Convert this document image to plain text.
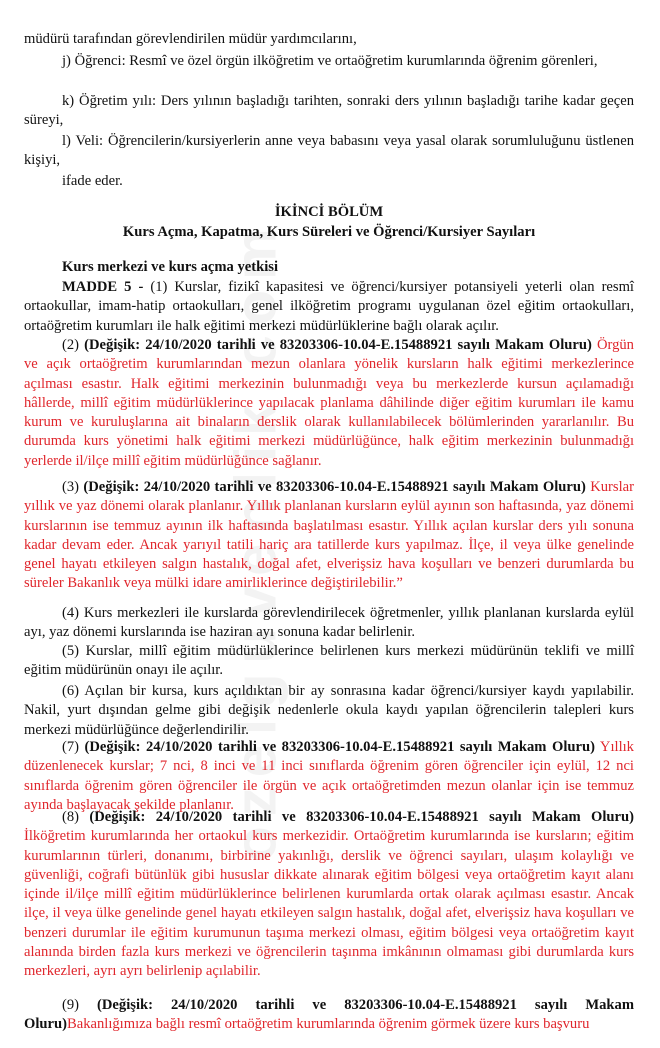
ozelguvenlik.com

müdürü tarafından görevlendirilen müdür yardımcılarını,

j) Öğrenci: Resmî ve özel örgün ilköğretim ve ortaöğretim kurumlarında öğrenim görenleri,

k) Öğretim yılı: Ders yılının başladığı tarihten, sonraki ders yılının başladığı tarihe kadar geçen süreyi,

l) Veli: Öğrencilerin/kursiyerlerin anne veya babasını veya yasal olarak sorumluluğunu üstlenen kişiyi,

ifade eder.

İKİNCİ BÖLÜM

Kurs Açma, Kapatma, Kurs Süreleri ve Öğrenci/Kursiyer Sayıları

Kurs merkezi ve kurs açma yetkisi

MADDE 5 - (1) Kurslar, fizikî kapasitesi ve öğrenci/kursiyer potansiyeli yeterli olan resmî ortaokullar, imam-hatip ortaokulları, genel ilköğretim programı uygulanan özel eğitim ortaokulları, ortaöğretim kurumları ile halk eğitimi merkezi müdürlüklerine bağlı olarak açılır.

(2) (Değişik: 24/10/2020 tarihli ve 83203306-10.04-E.15488921 sayılı Makam Oluru) Örgün ve açık ortaöğretim kurumlarından mezun olanlara yönelik kursların halk eğitimi merkezlerince açılması esastır. Halk eğitimi merkezinin bulunmadığı veya bu merkezlerde kursun açılamadığı hâllerde, millî eğitim müdürlüklerince yapılacak planlama dâhilinde diğer eğitim kurumları ile kamu kurum ve kuruluşlarına ait binaların derslik olarak kullanılabilecek bölümlerinden yararlanılır. Bu durumda kurs yönetimi halk eğitimi merkezi müdürlüğünce, halk eğitim merkezinin bulunmadığı yerlerde il/ilçe millî eğitim müdürlüğünce sağlanır.

(3) (Değişik: 24/10/2020 tarihli ve 83203306-10.04-E.15488921 sayılı Makam Oluru) Kurslar yıllık ve yaz dönemi olarak planlanır. Yıllık planlanan kursların eylül ayının son haftasında, yaz dönemi kurslarının ise temmuz ayının ilk haftasında başlatılması esastır. Yıllık açılan kurslar ders yılı sonuna kadar devam eder. Ancak yarıyıl tatili hariç ara tatillerde kurs yapılmaz. İlçe, il veya ülke genelinde genel hayatı etkileyen salgın hastalık, doğal afet, elverişsiz hava koşulları ve benzeri durumlarda bu süreler Bakanlık veya mülki idare amirliklerince değiştirilebilir.”

(4) Kurs merkezleri ile kurslarda görevlendirilecek öğretmenler, yıllık planlanan kurslarda eylül ayı, yaz dönemi kurslarında ise haziran ayı sonuna kadar belirlenir.

(5) Kurslar, millî eğitim müdürlüklerince belirlenen kurs merkezi müdürünün teklifi ve millî eğitim müdürünün onayı ile açılır.

(6) Açılan bir kursa, kurs açıldıktan bir ay sonrasına kadar öğrenci/kursiyer kaydı yapılabilir. Nakil, yurt dışından gelme gibi değişik nedenlerle okula kaydı yapılan öğrencilerin talepleri kurs merkezi müdürlüğünce değerlendirilir.

(7) (Değişik: 24/10/2020 tarihli ve 83203306-10.04-E.15488921 sayılı Makam Oluru) Yıllık düzenlenecek kurslar; 7 nci, 8 inci ve 11 inci sınıflarda öğrenim gören öğrenciler için eylül, 12 nci sınıflarda öğrenim gören öğrenciler ile örgün ve açık ortaöğretimden mezun olanlar için ise temmuz ayında başlayacak şekilde planlanır.

(8) (Değişik: 24/10/2020 tarihli ve 83203306-10.04-E.15488921 sayılı Makam Oluru) İlköğretim kurumlarında her ortaokul kurs merkezidir. Ortaöğretim kurumlarında ise kursların; eğitim kurumlarının türleri, donanımı, birbirine yakınlığı, derslik ve öğrenci sayıları, ulaşım kolaylığı ve güvenliği, coğrafi bütünlük gibi hususlar dikkate alınarak eğitim bölgesi veya ortaöğretim kayıt alanı içinde il/ilçe millî eğitim müdürlüklerince belirlenen kurumlarda ortak olarak açılması esastır. Ancak ilçe, il veya ülke genelinde genel hayatı etkileyen salgın hastalık, doğal afet, elverişsiz hava koşulları ve benzeri durumlar ile eğitim kurumunun taşıma merkezi olması, eğitim bölgesi veya ortaöğretim kayıt alanında birden fazla kurs merkezi ve öğrencilerin taşınma imkânının olmaması gibi durumlarda kurs merkezleri, ayrı ayrı belirlenip açılabilir.

(9) (Değişik: 24/10/2020 tarihli ve 83203306-10.04-E.15488921 sayılı Makam Oluru)Bakanlığımıza bağlı resmî ortaöğretim kurumlarında öğrenim görmek üzere kurs başvuru
